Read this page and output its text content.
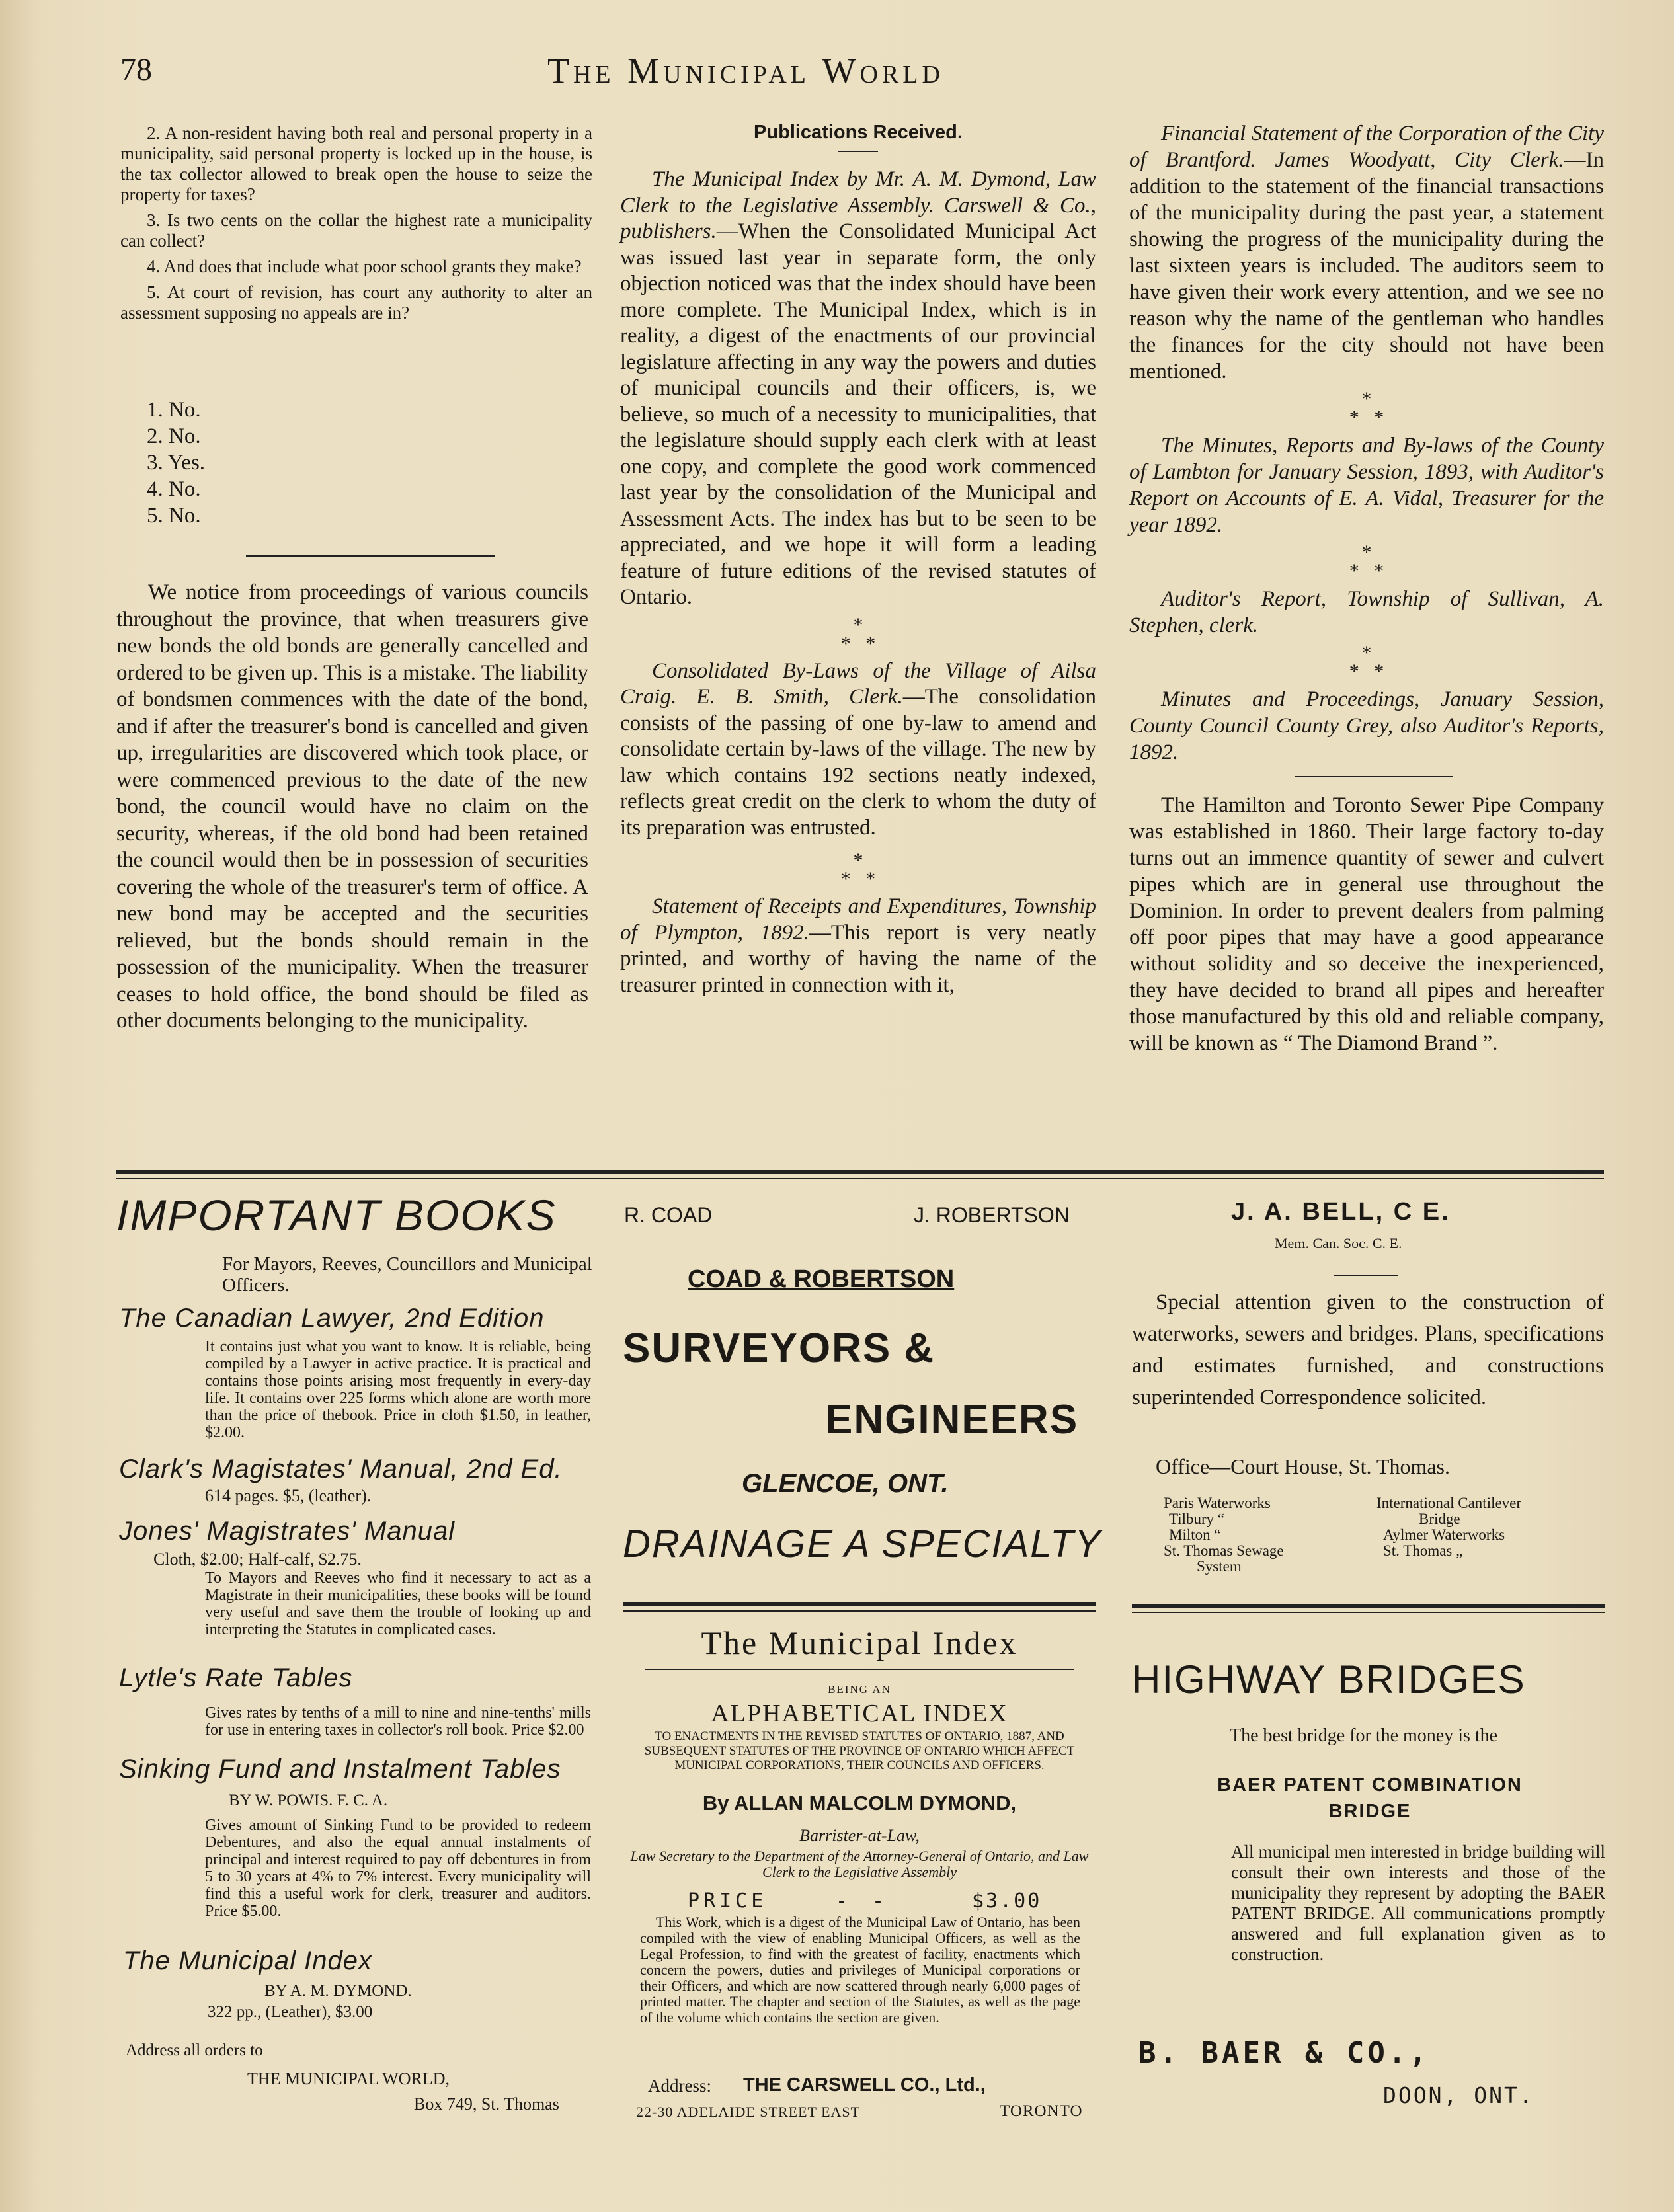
78	The Municipal World

2. A non-resident having both real and personal property in a municipality, said personal property is locked up in the house, is the tax collector allowed to break open the house to seize the property for taxes?

3. Is two cents on the collar the highest rate a municipality can collect?

4. And does that include what poor school grants they make?

5. At court of revision, has court any authority to alter an assessment supposing no appeals are in?

1. No.
2. No.
3. Yes.
4. No.
5. No.

We notice from proceedings of various councils throughout the province, that when treasurers give new bonds the old bonds are generally cancelled and ordered to be given up. This is a mistake. The liability of bondsmen commences with the date of the bond, and if after the treasurer's bond is cancelled and given up, irregularities are discovered which took place, or were commenced previous to the date of the new bond, the council would have no claim on the security, whereas, if the old bond had been retained the council would then be in possession of securities covering the whole of the treasurer's term of office. A new bond may be accepted and the securities relieved, but the bonds should remain in the possession of the municipality. When the treasurer ceases to hold office, the bond should be filed as other documents belonging to the municipality.

Publications Received.

The Municipal Index by Mr. A. M. Dymond, Law Clerk to the Legislative Assembly. Carswell & Co., publishers.—When the Consolidated Municipal Act was issued last year in separate form, the only objection noticed was that the index should have been more complete. The Municipal Index, which is in reality, a digest of the enactments of our provincial legislature affecting in any way the powers and duties of municipal councils and their officers, is, we believe, so much of a necessity to municipalities, that the legislature should supply each clerk with at least one copy, and complete the good work commenced last year by the consolidation of the Municipal and Assessment Acts. The index has but to be seen to be appreciated, and we hope it will form a leading feature of future editions of the revised statutes of Ontario.

*
*   *

Consolidated By-Laws of the Village of Ailsa Craig. E. B. Smith, Clerk.—The consolidation consists of the passing of one by-law to amend and consolidate certain by-laws of the village. The new by law which contains 192 sections neatly indexed, reflects great credit on the clerk to whom the duty of its preparation was entrusted.

*
*   *

Statement of Receipts and Expenditures, Township of Plympton, 1892.—This report is very neatly printed, and worthy of having the name of the treasurer printed in connection with it,

Financial Statement of the Corporation of the City of Brantford. James Woodyatt, City Clerk.—In addition to the statement of the financial transactions of the municipality during the past year, a statement showing the progress of the municipality during the last sixteen years is included. The auditors seem to have given their work every attention, and we see no reason why the name of the gentleman who handles the finances for the city should not have been mentioned.

*
*   *

The Minutes, Reports and By-laws of the County of Lambton for January Session, 1893, with Auditor's Report on Accounts of E. A. Vidal, Treasurer for the year 1892.

*
*   *

Auditor's Report, Township of Sullivan, A. Stephen, clerk.

*
*   *

Minutes and Proceedings, January Session, County Council County Grey, also Auditor's Reports, 1892.

The Hamilton and Toronto Sewer Pipe Company was established in 1860. Their large factory to-day turns out an immence quantity of sewer and culvert pipes which are in general use throughout the Dominion. In order to prevent dealers from palming off poor pipes that may have a good appearance without solidity and so deceive the inexperienced, they have decided to brand all pipes and hereafter those manufactured by this old and reliable company, will be known as “ The Diamond Brand ”.

IMPORTANT BOOKS
For Mayors, Reeves, Councillors and Municipal Officers.
The Canadian Lawyer, 2nd Edition
It contains just what you want to know. It is reliable, being compiled by a Lawyer in active practice. It is practical and contains those points arising most frequently in every-day life. It contains over 225 forms which alone are worth more than the price of thebook. Price in cloth $1.50, in leather, $2.00.
Clark's Magistates' Manual, 2nd Ed.
614 pages. $5, (leather).
Jones' Magistrates' Manual
Cloth, $2.00; Half-calf, $2.75.
To Mayors and Reeves who find it necessary to act as a Magistrate in their municipalities, these books will be found very useful and save them the trouble of looking up and interpreting the Statutes in complicated cases.
Lytle's Rate Tables
Gives rates by tenths of a mill to nine and nine-tenths' mills for use in entering taxes in collector's roll book. Price $2.00
Sinking Fund and Instalment Tables
BY W. POWIS. F. C. A.
Gives amount of Sinking Fund to be provided to redeem Debentures, and also the equal annual instalments of principal and interest required to pay off debentures in from 5 to 30 years at 4% to 7% interest. Every municipality will find this a useful work for clerk, treasurer and auditors. Price $5.00.
The Municipal Index
BY A. M. DYMOND.
322 pp., (Leather), $3.00
Address all orders to
THE MUNICIPAL WORLD,
Box 749, St. Thomas
R. COAD	J. ROBERTSON
COAD & ROBERTSON
SURVEYORS &
ENGINEERS
GLENCOE, ONT.
DRAINAGE A SPECIALTY
The Municipal Index
BEING AN
ALPHABETICAL INDEX
TO ENACTMENTS IN THE REVISED STATUTES OF ONTARIO, 1887, AND SUBSEQUENT STATUTES OF THE PROVINCE OF ONTARIO WHICH AFFECT MUNICIPAL CORPORATIONS, THEIR COUNCILS AND OFFICERS.
By ALLAN MALCOLM DYMOND,
Barrister-at-Law,
Law Secretary to the Department of the Attorney-General of Ontario, and Law Clerk to the Legislative Assembly
PRICE	-      -	$3.00
This Work, which is a digest of the Municipal Law of Ontario, has been compiled with the view of enabling Municipal Officers, as well as the Legal Profession, to find with the greatest of facility, enactments which concern the powers, duties and privileges of Municipal corporations or their Officers, and which are now scattered through nearly 6,000 pages of printed matter. The chapter and section of the Statutes, as well as the page of the volume which contains the section are given.
Address: THE CARSWELL CO., Ltd.,
22-30 ADELAIDE STREET EAST	TORONTO
J. A. BELL, C E.
Mem. Can. Soc. C. E.
Special attention given to the construction of waterworks, sewers and bridges. Plans, specifications and estimates furnished, and constructions superintended Correspondence solicited.
Office—Court House, St. Thomas.
Paris Waterworks
Tilbury “
Milton “
St. Thomas Sewage
System
International Cantilever
Bridge
Aylmer Waterworks
St. Thomas „
HIGHWAY BRIDGES
The best bridge for the money is the
BAER PATENT COMBINATION BRIDGE
All municipal men interested in bridge building will consult their own interests and those of the municipality they represent by adopting the BAER PATENT BRIDGE. All communications promptly answered and full explanation given as to construction.
B. BAER & CO.,
DOON, ONT.
